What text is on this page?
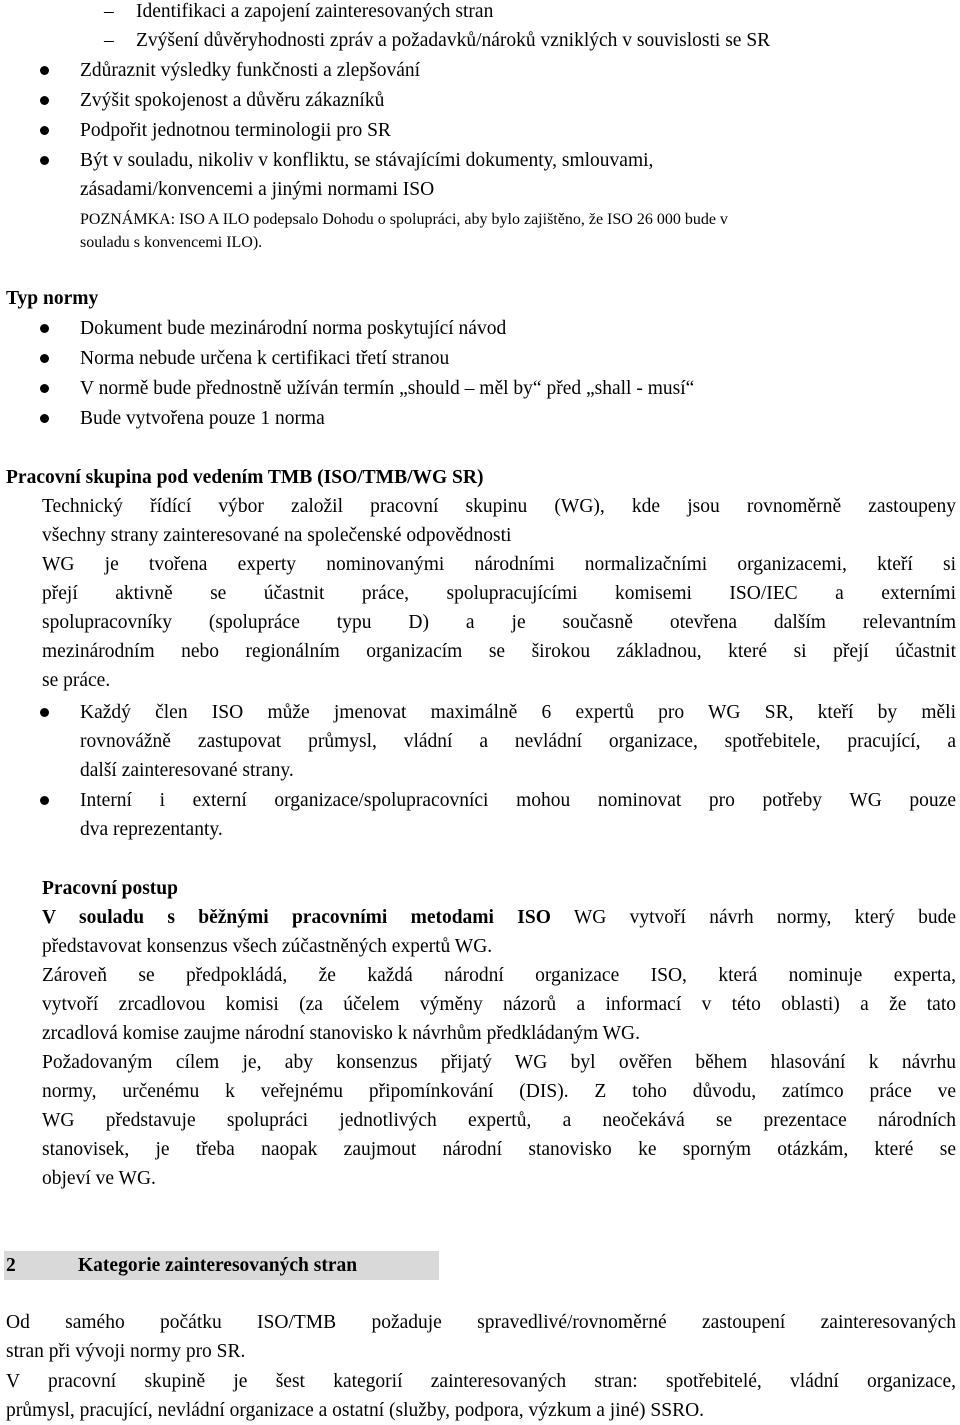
– Identifikaci a zapojení zainteresovaných stran
– Zvýšení důvěryhodnosti zpráv a požadavků/nároků vzniklých v souvislosti se SR
Zdůraznit výsledky funkčnosti a zlepšování
Zvýšit spokojenost a důvěru zákazníků
Podpořit jednotnou terminologii pro SR
Být v souladu, nikoliv v konfliktu, se stávajícími dokumenty, smlouvami,
zásadami/konvencemi a jinými normami ISO
POZNÁMKA: ISO A ILO podepsalo Dohodu o spolupráci, aby bylo zajištěno, že ISO 26 000 bude v
souladu s konvencemi ILO).
Typ normy
Dokument bude mezinárodní norma poskytující návod
Norma nebude určena k certifikaci třetí stranou
V normě bude přednostně užíván termín „should – měl by“ před „shall - musí“
Bude vytvořena pouze 1 norma
Pracovní skupina pod vedením TMB (ISO/TMB/WG SR)
Technický řídící výbor založil pracovní skupinu (WG), kde jsou rovnoměrně zastoupeny
všechny strany zainteresované na společenské odpovědnosti
WG je tvořena experty nominovanými národními normalizačními organizacemi, kteří si
přejí aktivně se účastnit práce, spolupracujícími komisemi ISO/IEC a externími
spolupracovníky (spolupráce typu D) a je současně otevřena dalším relevantním
mezinárodním nebo regionálním organizacím se širokou základnou, které si přejí účastnit
se práce.
Každý člen ISO může jmenovat maximálně 6 expertů pro WG SR, kteří by měli
rovnovážně zastupovat průmysl, vládní a nevládní organizace, spotřebitele, pracující, a
další zainteresované strany.
Interní i externí organizace/spolupracovníci mohou nominovat pro potřeby WG pouze
dva reprezentanty.
Pracovní postup
V souladu s běžnými pracovními metodami ISO WG vytvoří návrh normy, který bude
představovat konsenzus všech zúčastněných expertů WG.
Zároveň se předpokládá, že každá národní organizace ISO, která nominuje experta,
vytvoří zrcadlovou komisi (za účelem výměny názorů a informací v této oblasti) a že tato
zrcadlová komise zaujme národní stanovisko k návrhům předkládaným WG.
Požadovaným cílem je, aby konsenzus přijatý WG byl ověřen během hlasování k návrhu
normy, určenému k veřejnému připomínkování (DIS). Z toho důvodu, zatímco práce ve
WG představuje spolupráci jednotlivých expertů, a neočekává se prezentace národních
stanovisek, je třeba naopak zaujmout národní stanovisko ke sporným otázkám, které se
objeví ve WG.
2	Kategorie zainteresovaných stran
Od samého počátku ISO/TMB požaduje spravedlivé/rovnoměrné zastoupení zainteresovaných
stran při vývoji normy pro SR.
V pracovní skupině je šest kategorií zainteresovaných stran: spotřebitelé, vládní organizace,
průmysl, pracující, nevládní organizace a ostatní (služby, podpora, výzkum a jiné) SSRO.
